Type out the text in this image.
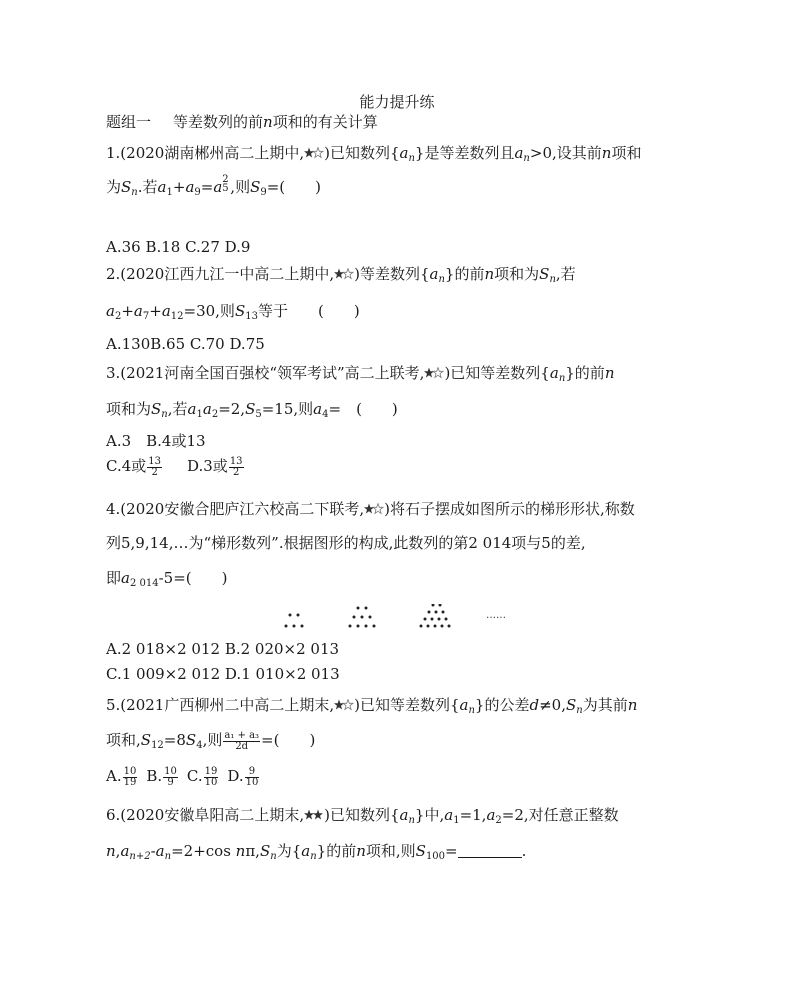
能力提升练
题组一 等差数列的前n项和的有关计算
1.(2020湖南郴州高二上期中, )已知数列$\{a_n\}$是等差数列且$a_n>0$,设其前n项和
为$S_n$.若$a_1+a_9=a$ 2
5 ,则$S_9=$(　　)
A.36 B.18 C.27 D.9
2.(2020江西九江一中高二上期中, )等差数列$\{a_n\}$的前n项和为$S_n$,若
$a_2+a_7+a_{12}=30$,则$S_{13}$等于 (　　)
A.130B.65 C.70 D.75
3.(2021河南全国百强校“领军考试”高二上联考, )已知等差数列$\{a_n\}$的前n
项和为$S_n$,若$a_1a_2=2,S_5=15$,则$a_4=$　(　　)
A.3　B.4或13
C.4或 $\frac{13}{2} D.3$或 $\frac{13}{2}$
4.(2020安徽合肥庐江六校高二下联考, )将石子摆成如图所示的梯形形状,称数
列5,9,14,…为“梯形数列”.根据图形的构成,此数列的第2 014项与5的差,
即$a_{2 014}-5=$(　　)
……
A.2 018×2 012 B.2 020×2 013
C.1 009×2 012 D.1 010×2 013
5.(2021广西柳州二中高二上期末, )已知等差数列$\{a_n\}$的公差$d\ne 0,S_n$为其前n
项和$,S_{12}=8S_4$,则 $\frac{\text{a₁ + a₃}}{2d}$ =(　　)
A. $\frac{10}{19} B$. $\frac{10}{9} C$. $\frac{19}{10} D$. $\frac{9}{10}$
6.(2020安徽阜阳高二上期末, )已知数列$\{a_n\}$中$,a_1=1,a_2=2$,对任意正整数
$n,a_{n+2}-a_n=2+\cos$ $n\pi,S_n$为$\{a_n\}$的前n项和,则$S_{100}=$	.
